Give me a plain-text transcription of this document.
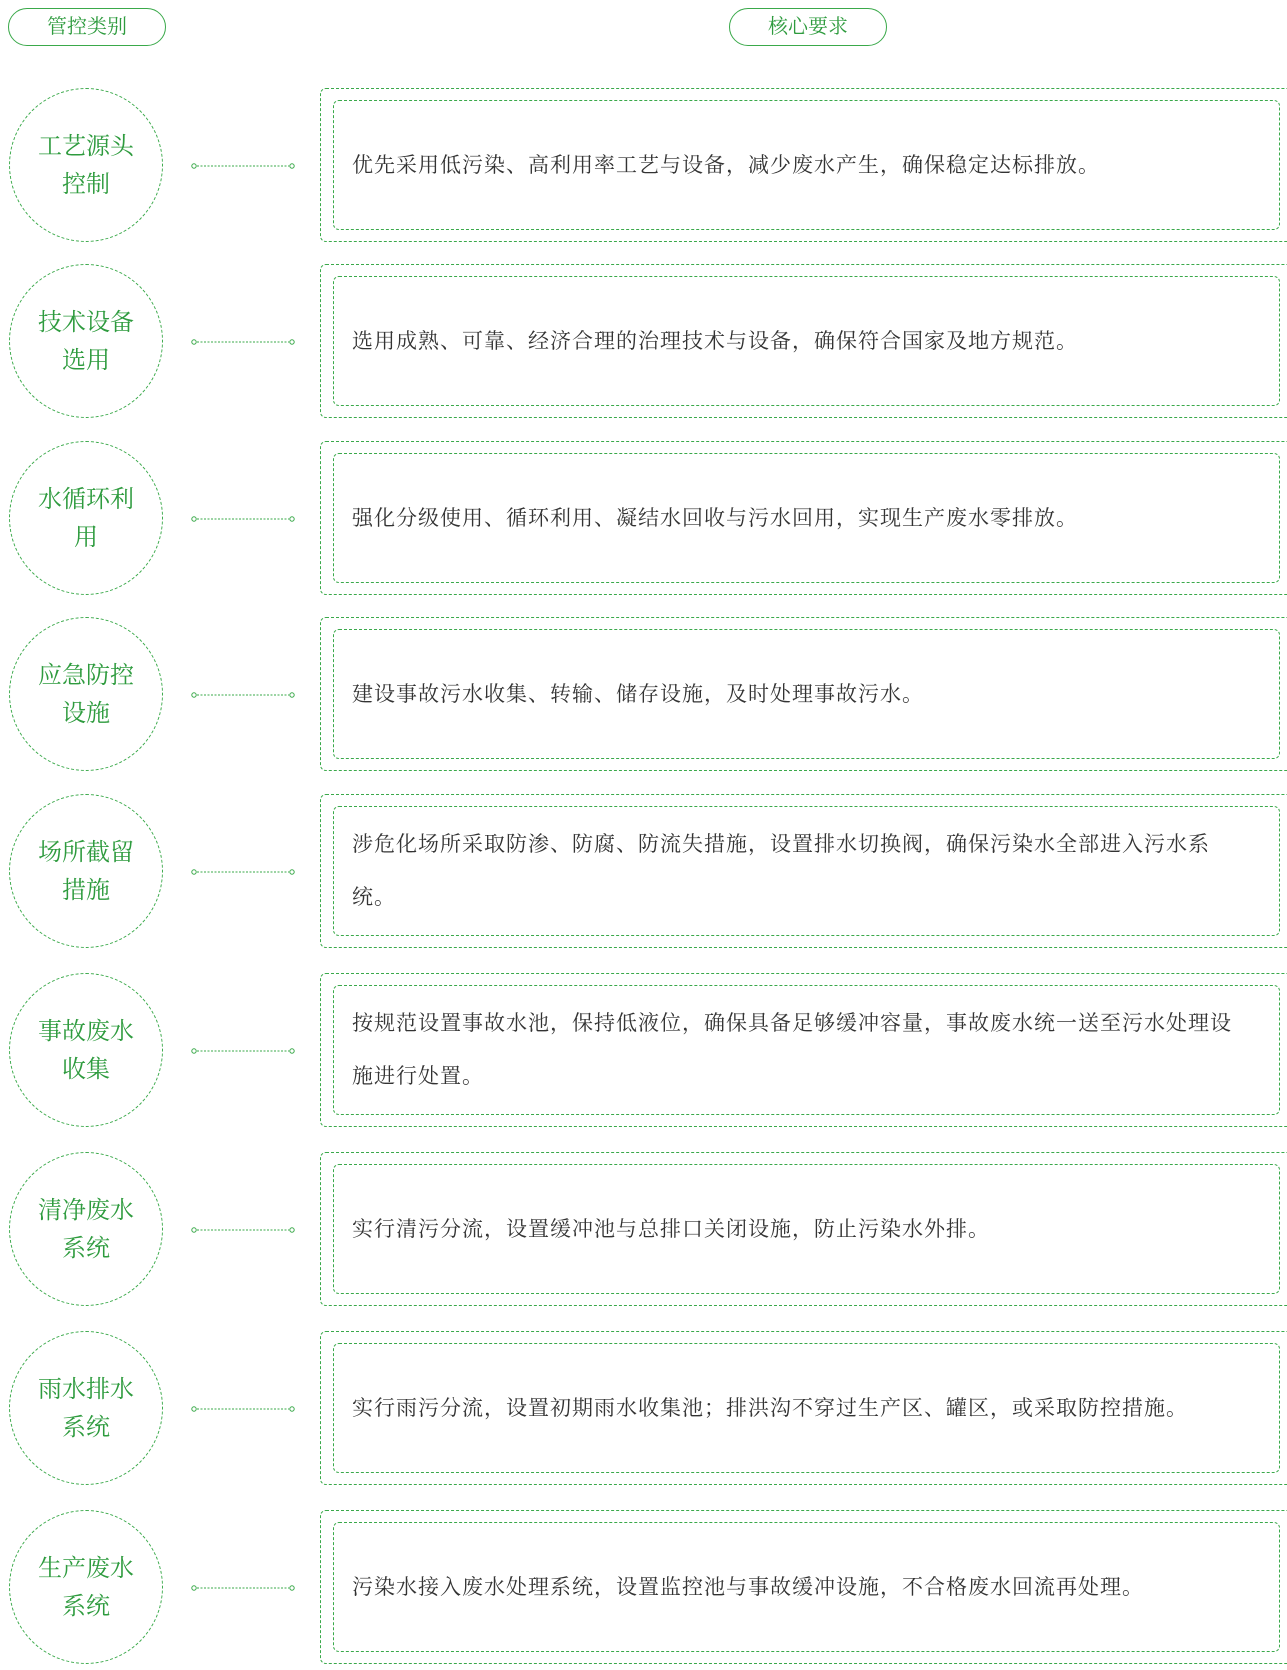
管控类别	核心要求
工艺源头控制
优先采用低污染、高利用率工艺与设备，减少废水产生，确保稳定达标排放。
技术设备选用
选用成熟、可靠、经济合理的治理技术与设备，确保符合国家及地方规范。
水循环利用
强化分级使用、循环利用、凝结水回收与污水回用，实现生产废水零排放。
应急防控设施
建设事故污水收集、转输、储存设施，及时处理事故污水。
场所截留措施
涉危化场所采取防渗、防腐、防流失措施，设置排水切换阀，确保污染水全部进入污水系统。
事故废水收集
按规范设置事故水池，保持低液位，确保具备足够缓冲容量，事故废水统一送至污水处理设施进行处置。
清净废水系统
实行清污分流，设置缓冲池与总排口关闭设施，防止污染水外排。
雨水排水系统
实行雨污分流，设置初期雨水收集池；排洪沟不穿过生产区、罐区，或采取防控措施。
生产废水系统
污染水接入废水处理系统，设置监控池与事故缓冲设施，不合格废水回流再处理。
